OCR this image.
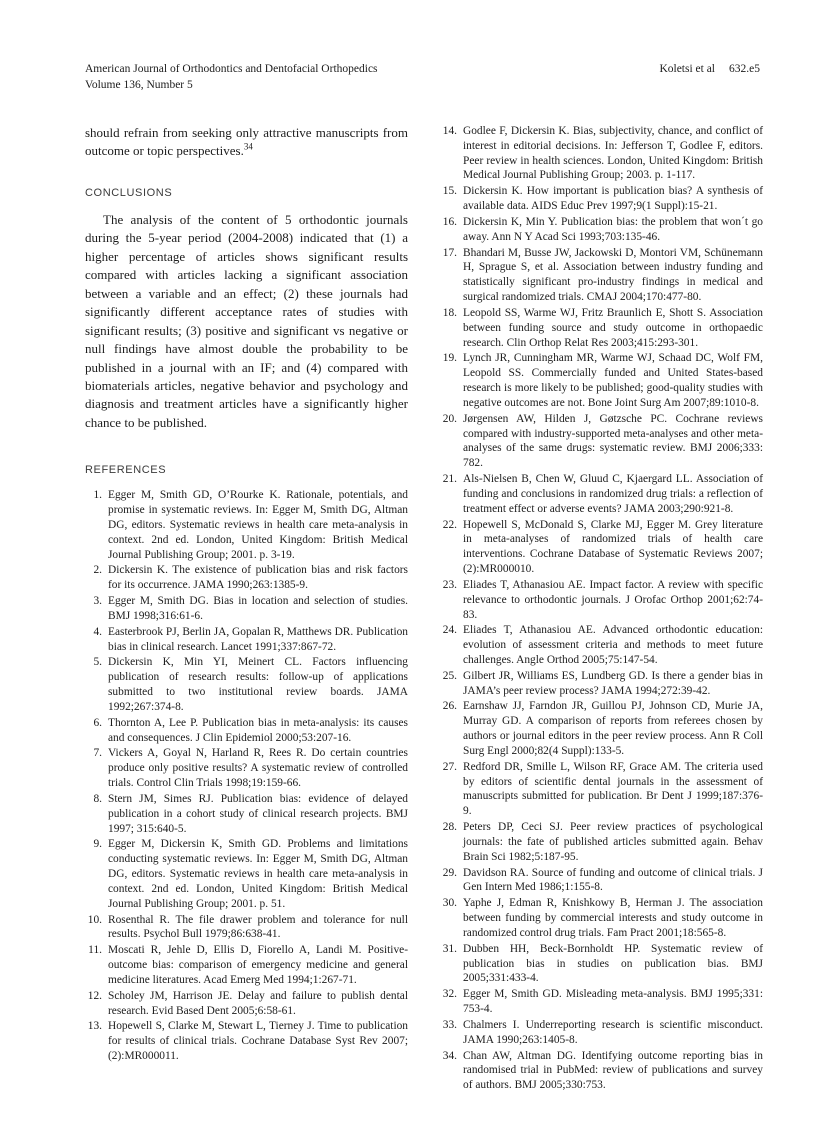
American Journal of Orthodontics and Dentofacial Orthopedics
Volume 136, Number 5
Koletsi et al 632.e5

should refrain from seeking only attractive manuscripts from outcome or topic perspectives.$^{34}$

CONCLUSIONS

The analysis of the content of 5 orthodontic journals during the 5-year period (2004-2008) indicated that (1) a higher percentage of articles shows significant results compared with articles lacking a significant association between a variable and an effect; (2) these journals had significantly different acceptance rates of studies with significant results; (3) positive and significant vs negative or null findings have almost double the probability to be published in a journal with an IF; and (4) compared with biomaterials articles, negative behavior and psychology and diagnosis and treatment articles have a significantly higher chance to be published.

REFERENCES
1. Egger M, Smith GD, O’Rourke K. Rationale, potentials, and promise in systematic reviews. In: Egger M, Smith DG, Altman DG, editors. Systematic reviews in health care meta-analysis in context. 2nd ed. London, United Kingdom: British Medical Journal Publishing Group; 2001. p. 3-19.
2. Dickersin K. The existence of publication bias and risk factors for its occurrence. JAMA 1990;263:1385-9.
3. Egger M, Smith DG. Bias in location and selection of studies. BMJ 1998;316:61-6.
4. Easterbrook PJ, Berlin JA, Gopalan R, Matthews DR. Publication bias in clinical research. Lancet 1991;337:867-72.
5. Dickersin K, Min YI, Meinert CL. Factors influencing publication of research results: follow-up of applications submitted to two institutional review boards. JAMA 1992;267:374-8.
6. Thornton A, Lee P. Publication bias in meta-analysis: its causes and consequences. J Clin Epidemiol 2000;53:207-16.
7. Vickers A, Goyal N, Harland R, Rees R. Do certain countries produce only positive results? A systematic review of controlled trials. Control Clin Trials 1998;19:159-66.
8. Stern JM, Simes RJ. Publication bias: evidence of delayed publication in a cohort study of clinical research projects. BMJ 1997; 315:640-5.
9. Egger M, Dickersin K, Smith GD. Problems and limitations conducting systematic reviews. In: Egger M, Smith DG, Altman DG, editors. Systematic reviews in health care meta-analysis in context. 2nd ed. London, United Kingdom: British Medical Journal Publishing Group; 2001. p. 51.
10. Rosenthal R. The file drawer problem and tolerance for null results. Psychol Bull 1979;86:638-41.
11. Moscati R, Jehle D, Ellis D, Fiorello A, Landi M. Positive-outcome bias: comparison of emergency medicine and general medicine literatures. Acad Emerg Med 1994;1:267-71.
12. Scholey JM, Harrison JE. Delay and failure to publish dental research. Evid Based Dent 2005;6:58-61.
13. Hopewell S, Clarke M, Stewart L, Tierney J. Time to publication for results of clinical trials. Cochrane Database Syst Rev 2007; (2):MR000011.
14. Godlee F, Dickersin K. Bias, subjectivity, chance, and conflict of interest in editorial decisions. In: Jefferson T, Godlee F, editors. Peer review in health sciences. London, United Kingdom: British Medical Journal Publishing Group; 2003. p. 1-117.
15. Dickersin K. How important is publication bias? A synthesis of available data. AIDS Educ Prev 1997;9(1 Suppl):15-21.
16. Dickersin K, Min Y. Publication bias: the problem that won´t go away. Ann N Y Acad Sci 1993;703:135-46.
17. Bhandari M, Busse JW, Jackowski D, Montori VM, Schünemann H, Sprague S, et al. Association between industry funding and statistically significant pro-industry findings in medical and surgical randomized trials. CMAJ 2004;170:477-80.
18. Leopold SS, Warme WJ, Fritz Braunlich E, Shott S. Association between funding source and study outcome in orthopaedic research. Clin Orthop Relat Res 2003;415:293-301.
19. Lynch JR, Cunningham MR, Warme WJ, Schaad DC, Wolf FM, Leopold SS. Commercially funded and United States-based research is more likely to be published; good-quality studies with negative outcomes are not. Bone Joint Surg Am 2007;89:1010-8.
20. Jørgensen AW, Hilden J, Gøtzsche PC. Cochrane reviews compared with industry-supported meta-analyses and other meta-analyses of the same drugs: systematic review. BMJ 2006;333: 782.
21. Als-Nielsen B, Chen W, Gluud C, Kjaergard LL. Association of funding and conclusions in randomized drug trials: a reflection of treatment effect or adverse events? JAMA 2003;290:921-8.
22. Hopewell S, McDonald S, Clarke MJ, Egger M. Grey literature in meta-analyses of randomized trials of health care interventions. Cochrane Database of Systematic Reviews 2007;(2):MR000010.
23. Eliades T, Athanasiou AE. Impact factor. A review with specific relevance to orthodontic journals. J Orofac Orthop 2001;62:74-83.
24. Eliades T, Athanasiou AE. Advanced orthodontic education: evolution of assessment criteria and methods to meet future challenges. Angle Orthod 2005;75:147-54.
25. Gilbert JR, Williams ES, Lundberg GD. Is there a gender bias in JAMA’s peer review process? JAMA 1994;272:39-42.
26. Earnshaw JJ, Farndon JR, Guillou PJ, Johnson CD, Murie JA, Murray GD. A comparison of reports from referees chosen by authors or journal editors in the peer review process. Ann R Coll Surg Engl 2000;82(4 Suppl):133-5.
27. Redford DR, Smille L, Wilson RF, Grace AM. The criteria used by editors of scientific dental journals in the assessment of manuscripts submitted for publication. Br Dent J 1999;187:376-9.
28. Peters DP, Ceci SJ. Peer review practices of psychological journals: the fate of published articles submitted again. Behav Brain Sci 1982;5:187-95.
29. Davidson RA. Source of funding and outcome of clinical trials. J Gen Intern Med 1986;1:155-8.
30. Yaphe J, Edman R, Knishkowy B, Herman J. The association between funding by commercial interests and study outcome in randomized control drug trials. Fam Pract 2001;18:565-8.
31. Dubben HH, Beck-Bornholdt HP. Systematic review of publication bias in studies on publication bias. BMJ 2005;331:433-4.
32. Egger M, Smith GD. Misleading meta-analysis. BMJ 1995;331: 753-4.
33. Chalmers I. Underreporting research is scientific misconduct. JAMA 1990;263:1405-8.
34. Chan AW, Altman DG. Identifying outcome reporting bias in randomised trial in PubMed: review of publications and survey of authors. BMJ 2005;330:753.
